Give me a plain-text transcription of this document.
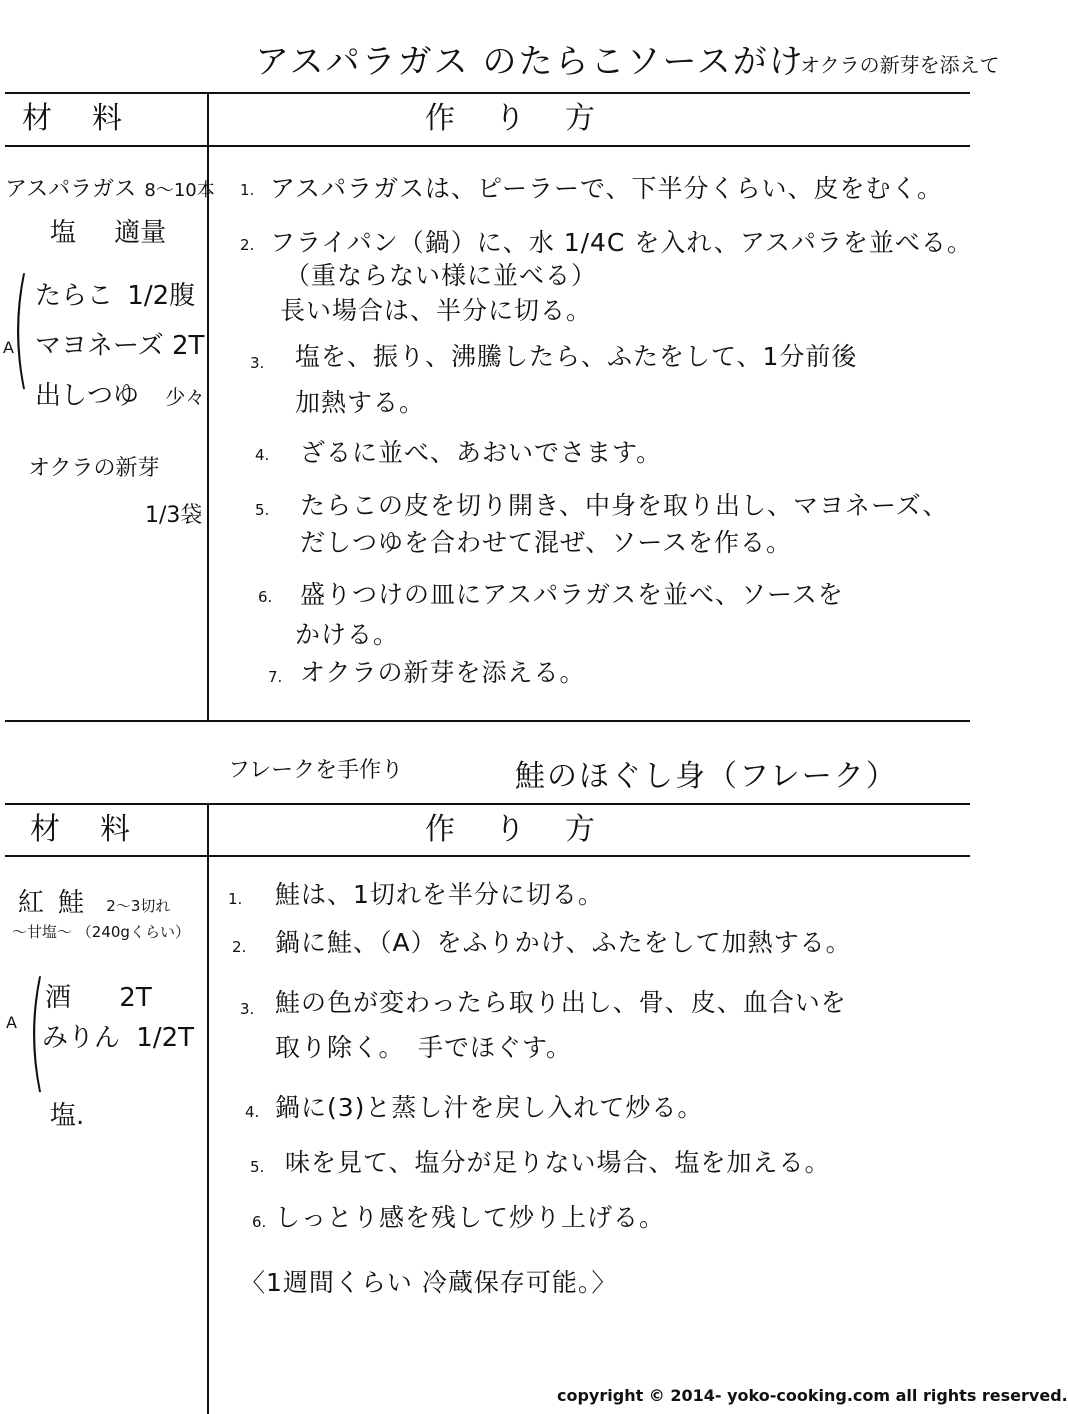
アスパラガス のたらこソースがけ
オクラの新芽を添えて
材料	作り方
アスパラガス 8〜10本
塩 適量
(
A
たらこ 1/2腹
マヨネーズ 2T
出しつゆ 少々
オクラの新芽
1/3袋
1. アスパラガスは、ピーラーで、下半分くらい、皮をむく。
2. フライパン（鍋）に、水 1/4C を入れ、アスパラを並べる。
（重ならない様に並べる）
長い場合は、半分に切る。
3. 塩を、振り、沸騰したら、ふたをして、1分前後
加熱する。
4. ざるに並べ、あおいでさます。
5. たらこの皮を切り開き、中身を取り出し、マヨネーズ、
だしつゆを合わせて混ぜ、ソースを作る。
6. 盛りつけの皿にアスパラガスを並べ、ソースを
かける。
7. オクラの新芽を添える。
フレークを手作り	鮭のほぐし身（フレーク）
材料	作り方
紅鮭 2〜3切れ
〜甘塩〜 （240gくらい）
(
A
酒 2T
みりん 1/2T
塩.
1. 鮭は、1切れを半分に切る。
2. 鍋に鮭、（A）をふりかけ、ふたをして加熱する。
3. 鮭の色が変わったら取り出し、骨、皮、血合いを
取り除く。　手でほぐす。
4. 鍋に(3)と蒸し汁を戻し入れて炒る。
5. 味を見て、塩分が足りない場合、塩を加える。
6. しっとり感を残して炒り上げる。
〈1週間くらい 冷蔵保存可能。〉
copyright © 2014- yoko-cooking.com all rights reserved.
